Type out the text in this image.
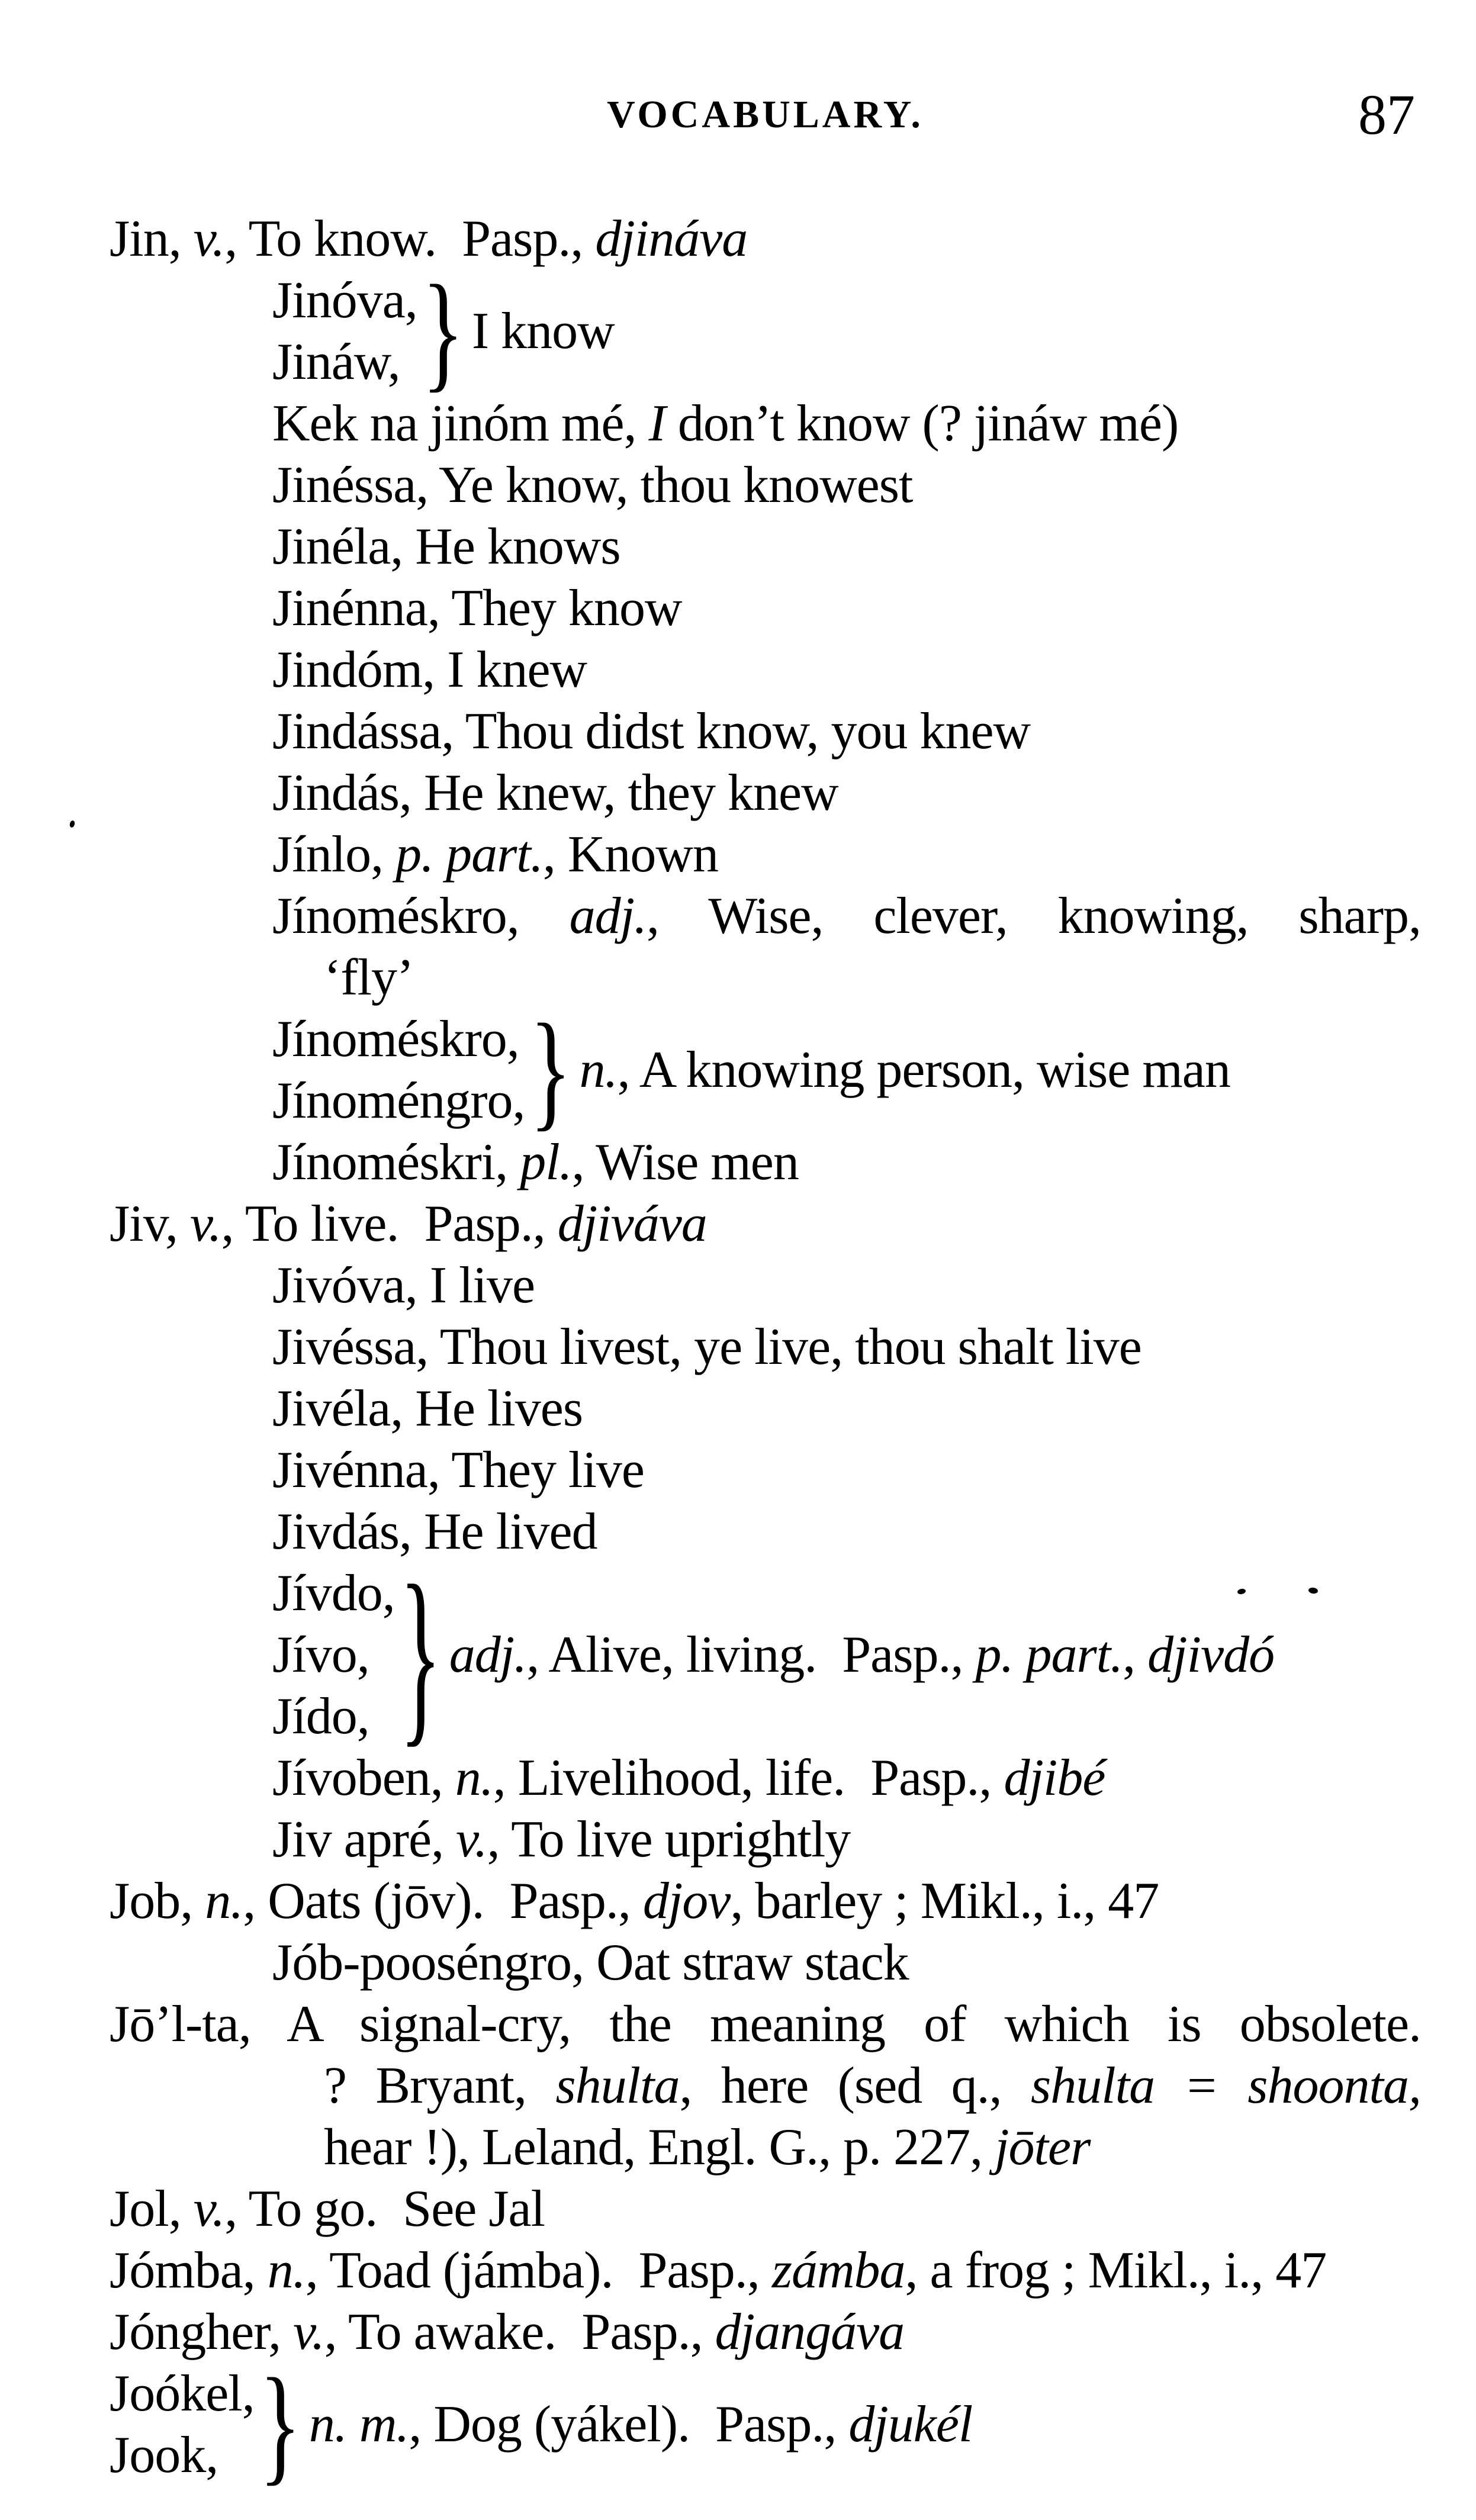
VOCABULARY.	87
Jin, v., To know. Pasp., djináva
Jinóva,
Jináw, } I know
Kek na jinóm mé, I don’t know (? jináw mé)
Jinéssa, Ye know, thou knowest
Jinéla, He knows
Jinénna, They know
Jindóm, I knew
Jindássa, Thou didst know, you knew
Jindás, He knew, they knew
Jínlo, p. part., Known
Jínoméskro, adj., Wise, clever, knowing, sharp,
‘fly’
Jínoméskro,
Jínoméngro, } n., A knowing person, wise man
Jínoméskri, pl., Wise men
Jiv, v., To live. Pasp., djiváva
Jivóva, I live
Jivéssa, Thou livest, ye live, thou shalt live
Jivéla, He lives
Jivénna, They live
Jivdás, He lived
Jívdo,
Jívo,
Jído, } adj., Alive, living. Pasp., p. part., djivdó
Jívoben, n., Livelihood, life. Pasp., djibé
Jiv apré, v., To live uprightly
Job, n., Oats (jōv). Pasp., djov, barley ; Mikl., i., 47
Jób-pooséngro, Oat straw stack
Jō’l-ta, A signal-cry, the meaning of which is obsolete.
? Bryant, shulta, here (sed q., shulta = shoonta,
hear !), Leland, Engl. G., p. 227, jōter
Jol, v., To go. See Jal
Jómba, n., Toad (jámba). Pasp., zámba, a frog ; Mikl., i., 47
Jóngher, v., To awake. Pasp., djangáva
Joókel,
Jook, } n. m., Dog (yákel). Pasp., djukél
